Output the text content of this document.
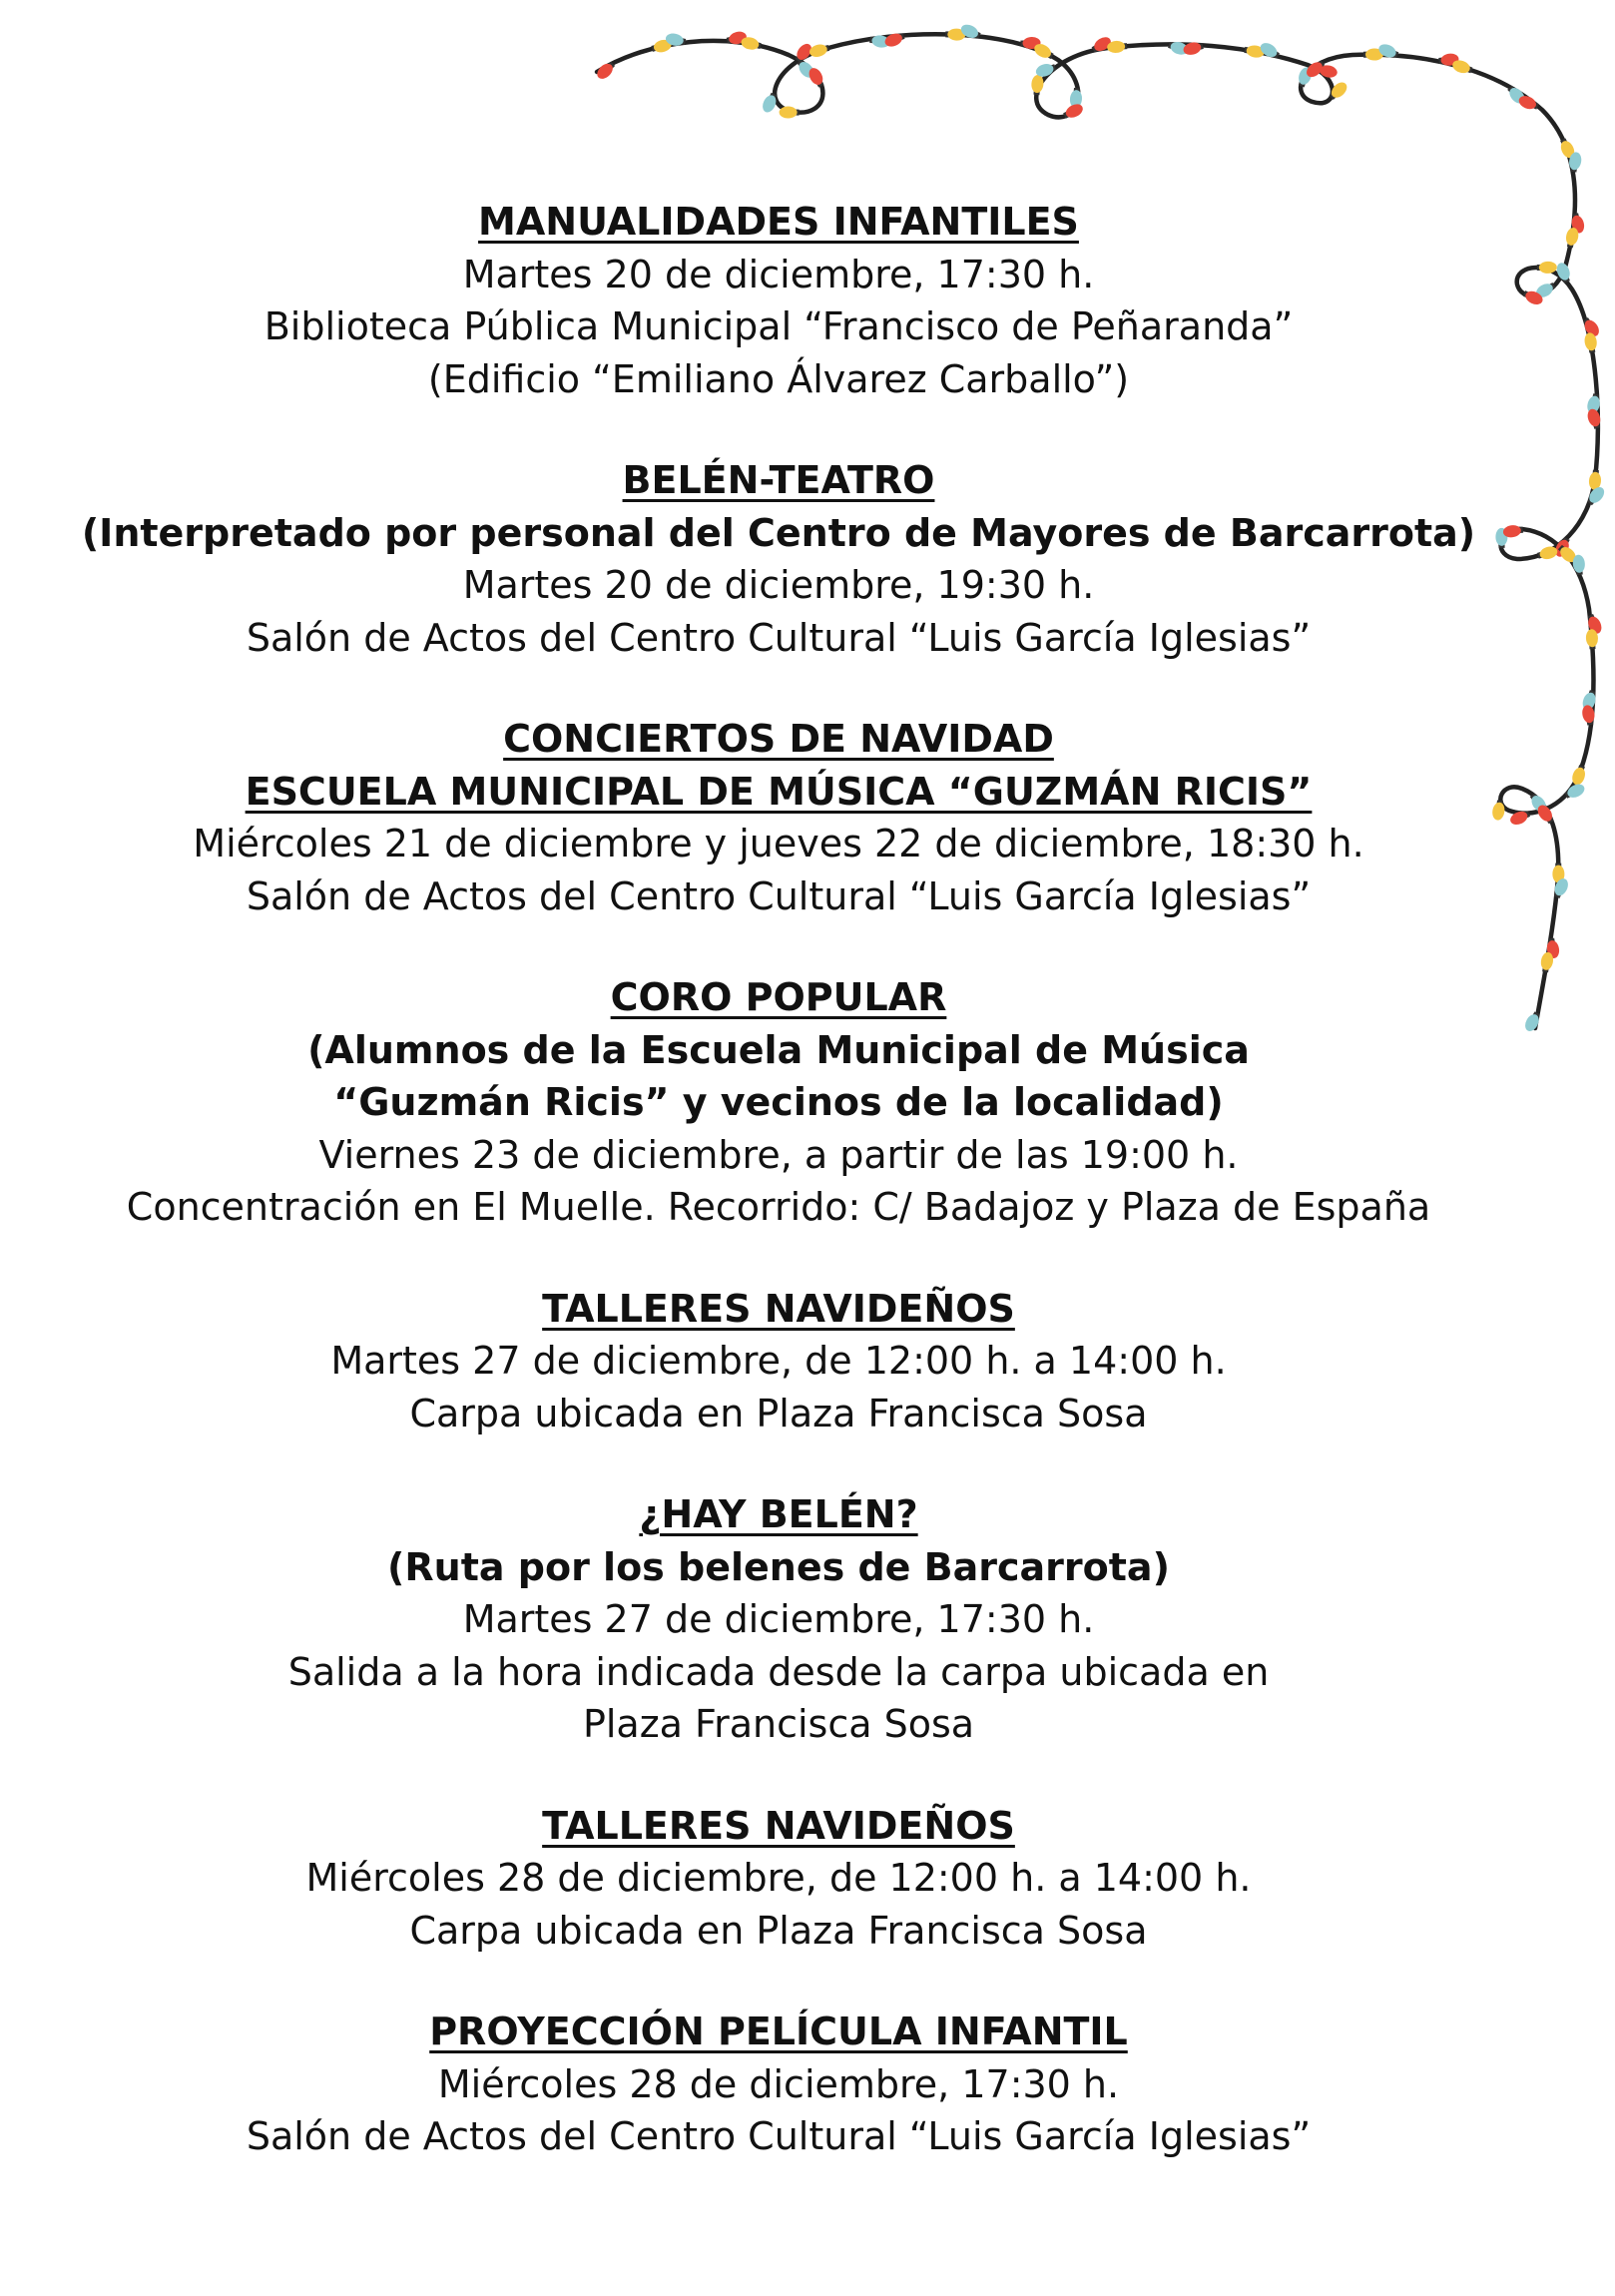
MANUALIDADES INFANTILES
Martes 20 de diciembre, 17:30 h.
Biblioteca Pública Municipal “Francisco de Peñaranda”
(Edificio “Emiliano Álvarez Carballo”)
BELÉN-TEATRO
(Interpretado por personal del Centro de Mayores de Barcarrota)
Martes 20 de diciembre, 19:30 h.
Salón de Actos del Centro Cultural “Luis García Iglesias”
CONCIERTOS DE NAVIDAD
ESCUELA MUNICIPAL DE MÚSICA “GUZMÁN RICIS”
Miércoles 21 de diciembre y jueves 22 de diciembre, 18:30 h.
Salón de Actos del Centro Cultural “Luis García Iglesias”
CORO POPULAR
(Alumnos de la Escuela Municipal de Música
“Guzmán Ricis” y vecinos de la localidad)
Viernes 23 de diciembre, a partir de las 19:00 h.
Concentración en El Muelle. Recorrido: C/ Badajoz y Plaza de España
TALLERES NAVIDEÑOS
Martes 27 de diciembre, de 12:00 h. a 14:00 h.
Carpa ubicada en Plaza Francisca Sosa
¿HAY BELÉN?
(Ruta por los belenes de Barcarrota)
Martes 27 de diciembre, 17:30 h.
Salida a la hora indicada desde la carpa ubicada en
Plaza Francisca Sosa
TALLERES NAVIDEÑOS
Miércoles 28 de diciembre, de 12:00 h. a 14:00 h.
Carpa ubicada en Plaza Francisca Sosa
PROYECCIÓN PELÍCULA INFANTIL
Miércoles 28 de diciembre, 17:30 h.
Salón de Actos del Centro Cultural “Luis García Iglesias”
